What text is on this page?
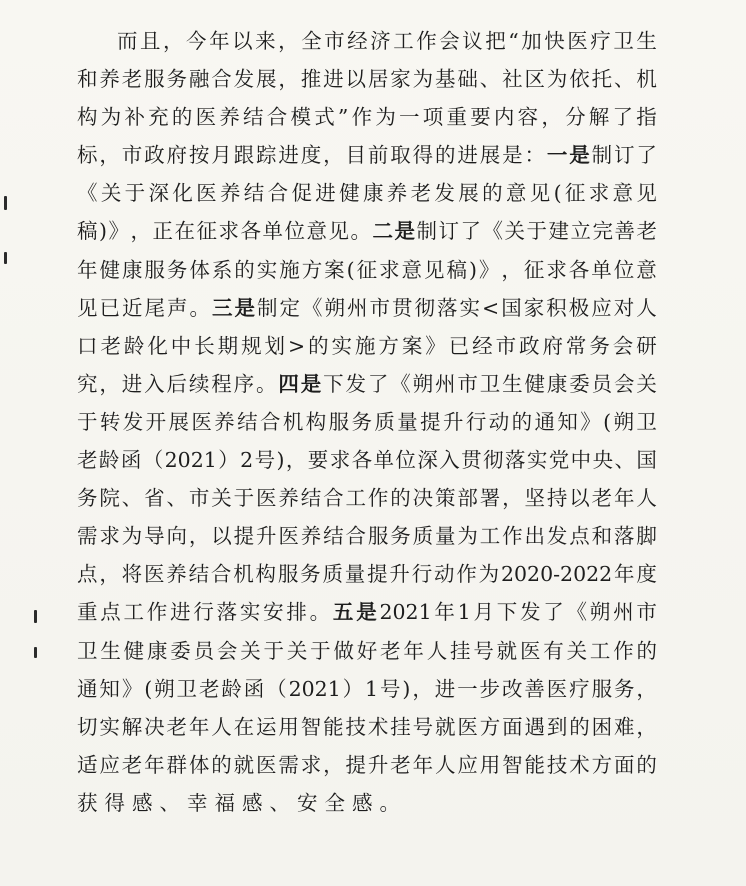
而 且 ， 今 年 以 来 ， 全 市 经 济 工 作 会 议 把 “ 加 快 医 疗 卫 生
和 养 老 服 务 融 合 发 展 ， 推 进 以 居 家 为 基 础 、 社 区 为 依 托 、 机
构 为 补 充 的 医 养 结 合 模 式 ” 作 为 一 项 重 要 内 容 ， 分 解 了 指
标 ， 市 政 府 按 月 跟 踪 进 度 ， 目 前 取 得 的 进 展 是 ： 一 是 制 订 了
《 关 于 深 化 医 养 结 合 促 进 健 康 养 老 发 展 的 意 见 ( 征 求 意 见
稿 ) 》 ， 正 在 征 求 各 单 位 意 见 。 二 是 制 订 了 《 关 于 建 立 完 善 老
年 健 康 服 务 体 系 的 实 施 方 案 ( 征 求 意 见 稿 ) 》 ， 征 求 各 单 位 意
见 已 近 尾 声 。 三 是 制 定 《 朔 州 市 贯 彻 落 实 < 国 家 积 极 应 对 人
口 老 龄 化 中 长 期 规 划 > 的 实 施 方 案 》 已 经 市 政 府 常 务 会 研
究 ， 进 入 后 续 程 序 。 四 是 下 发 了 《 朔 州 市 卫 生 健 康 委 员 会 关
于 转 发 开 展 医 养 结 合 机 构 服 务 质 量 提 升 行 动 的 通 知 》 ( 朔 卫
老 龄 函 （ 2021 ） 2 号 ) ， 要 求 各 单 位 深 入 贯 彻 落 实 党 中 央 、 国
务 院 、 省 、 市 关 于 医 养 结 合 工 作 的 决 策 部 署 ， 坚 持 以 老 年 人
需 求 为 导 向 ， 以 提 升 医 养 结 合 服 务 质 量 为 工 作 出 发 点 和 落 脚
点 ， 将 医 养 结 合 机 构 服 务 质 量 提 升 行 动 作 为 2020-2022 年 度
重 点 工 作 进 行 落 实 安 排 。 五 是 2021 年 1 月 下 发 了 《 朔 州 市
卫 生 健 康 委 员 会 关 于 关 于 做 好 老 年 人 挂 号 就 医 有 关 工 作 的
通 知 》 ( 朔 卫 老 龄 函 （ 2021 ） 1 号 ) ， 进 一 步 改 善 医 疗 服 务 ，
切 实 解 决 老 年 人 在 运 用 智 能 技 术 挂 号 就 医 方 面 遇 到 的 困 难 ，
适 应 老 年 群 体 的 就 医 需 求 ， 提 升 老 年 人 应 用 智 能 技 术 方 面 的
获 得 感 、 幸 福 感 、 安 全 感 。
